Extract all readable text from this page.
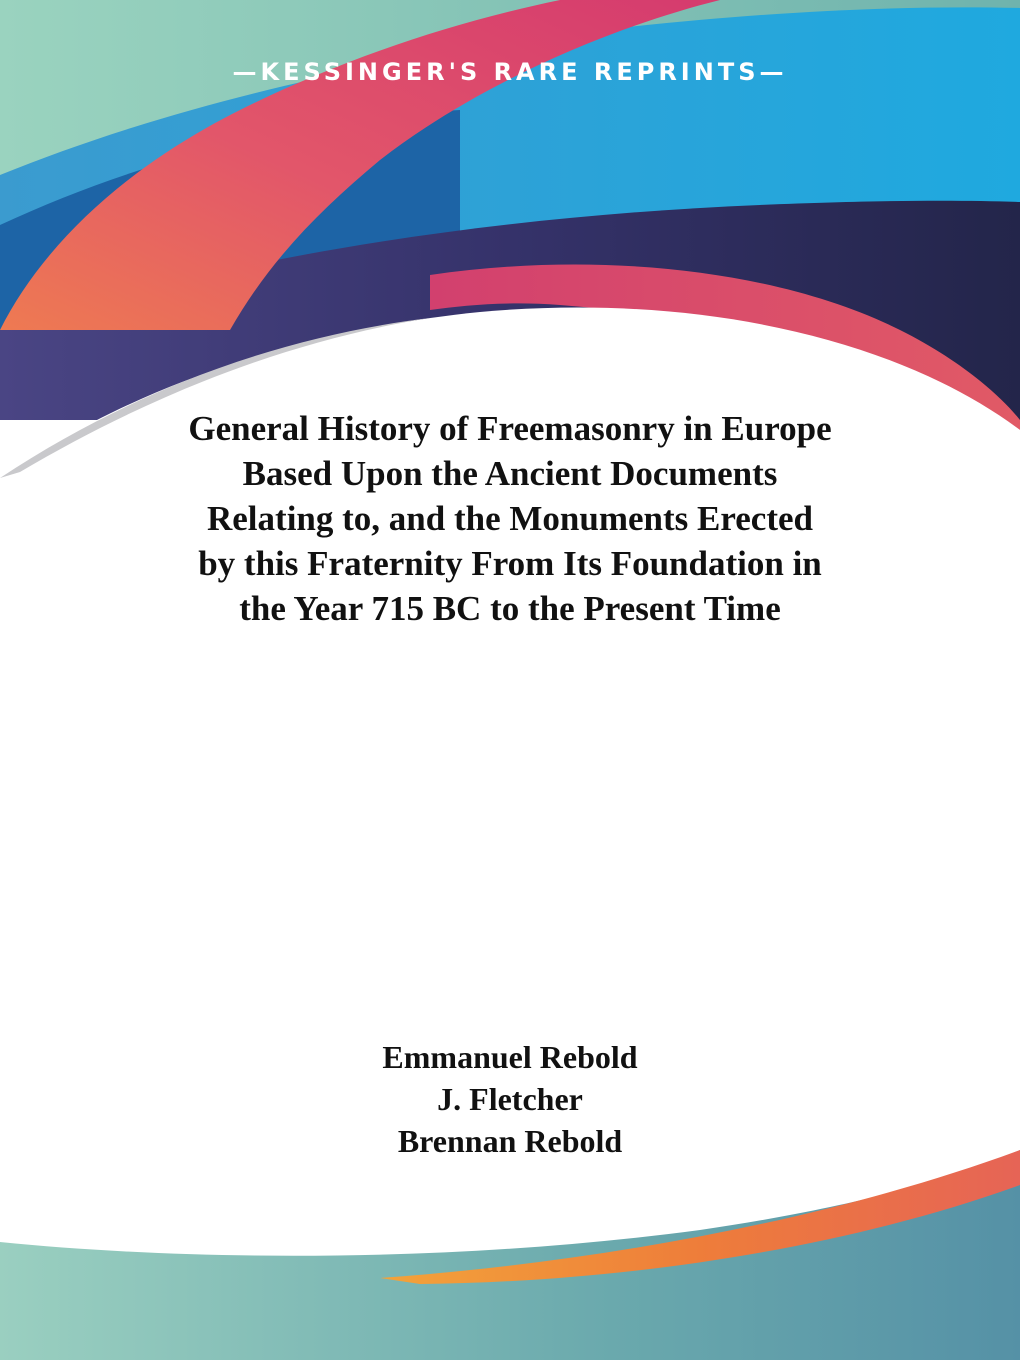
—KESSINGER'S RARE REPRINTS—
General History of Freemasonry in Europe
Based Upon the Ancient Documents
Relating to, and the Monuments Erected
by this Fraternity From Its Foundation in
the Year 715 BC to the Present Time
Emmanuel Rebold
J. Fletcher
Brennan Rebold
